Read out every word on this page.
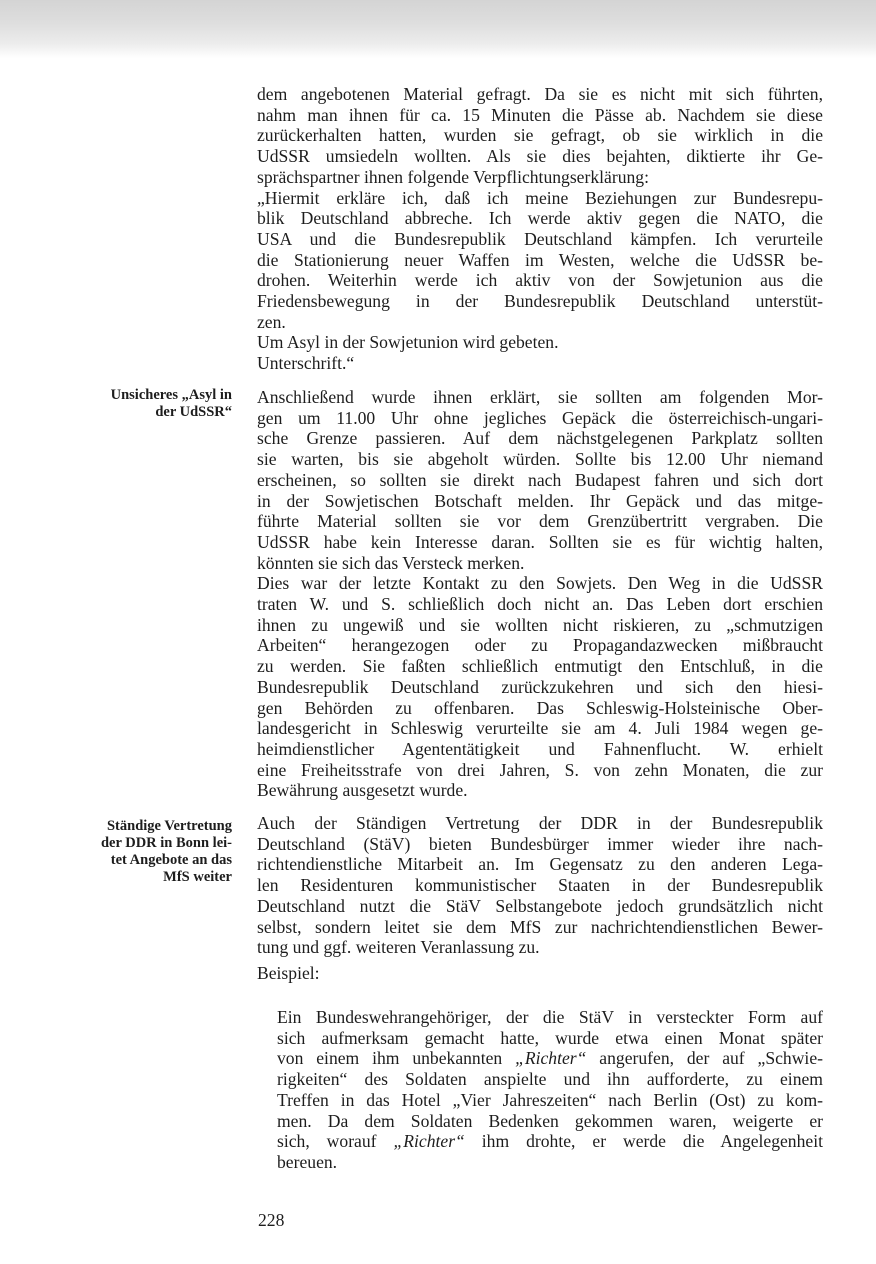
dem angebotenen Material gefragt. Da sie es nicht mit sich führten,
nahm man ihnen für ca. 15 Minuten die Pässe ab. Nachdem sie diese
zurückerhalten hatten, wurden sie gefragt, ob sie wirklich in die
UdSSR umsiedeln wollten. Als sie dies bejahten, diktierte ihr Ge-
sprächspartner ihnen folgende Verpflichtungserklärung:
„Hiermit erkläre ich, daß ich meine Beziehungen zur Bundesrepu-
blik Deutschland abbreche. Ich werde aktiv gegen die NATO, die
USA und die Bundesrepublik Deutschland kämpfen. Ich verurteile
die Stationierung neuer Waffen im Westen, welche die UdSSR be-
drohen. Weiterhin werde ich aktiv von der Sowjetunion aus die
Friedensbewegung in der Bundesrepublik Deutschland unterstüt-
zen.
Um Asyl in der Sowjetunion wird gebeten.
Unterschrift.“
Unsicheres „Asyl in
der UdSSR“
Anschließend wurde ihnen erklärt, sie sollten am folgenden Mor-
gen um 11.00 Uhr ohne jegliches Gepäck die österreichisch-ungari-
sche Grenze passieren. Auf dem nächstgelegenen Parkplatz sollten
sie warten, bis sie abgeholt würden. Sollte bis 12.00 Uhr niemand
erscheinen, so sollten sie direkt nach Budapest fahren und sich dort
in der Sowjetischen Botschaft melden. Ihr Gepäck und das mitge-
führte Material sollten sie vor dem Grenzübertritt vergraben. Die
UdSSR habe kein Interesse daran. Sollten sie es für wichtig halten,
könnten sie sich das Versteck merken.
Dies war der letzte Kontakt zu den Sowjets. Den Weg in die UdSSR
traten W. und S. schließlich doch nicht an. Das Leben dort erschien
ihnen zu ungewiß und sie wollten nicht riskieren, zu „schmutzigen
Arbeiten“ herangezogen oder zu Propagandazwecken mißbraucht
zu werden. Sie faßten schließlich entmutigt den Entschluß, in die
Bundesrepublik Deutschland zurückzukehren und sich den hiesi-
gen Behörden zu offenbaren. Das Schleswig-Holsteinische Ober-
landesgericht in Schleswig verurteilte sie am 4. Juli 1984 wegen ge-
heimdienstlicher Agententätigkeit und Fahnenflucht. W. erhielt
eine Freiheitsstrafe von drei Jahren, S. von zehn Monaten, die zur
Bewährung ausgesetzt wurde.
Ständige Vertretung
der DDR in Bonn lei-
tet Angebote an das
MfS weiter
Auch der Ständigen Vertretung der DDR in der Bundesrepublik
Deutschland (StäV) bieten Bundesbürger immer wieder ihre nach-
richtendienstliche Mitarbeit an. Im Gegensatz zu den anderen Lega-
len Residenturen kommunistischer Staaten in der Bundesrepublik
Deutschland nutzt die StäV Selbstangebote jedoch grundsätzlich nicht
selbst, sondern leitet sie dem MfS zur nachrichtendienstlichen Bewer-
tung und ggf. weiteren Veranlassung zu.
Beispiel:
Ein Bundeswehrangehöriger, der die StäV in versteckter Form auf
sich aufmerksam gemacht hatte, wurde etwa einen Monat später
von einem ihm unbekannten „Richter“ angerufen, der auf „Schwie-
rigkeiten“ des Soldaten anspielte und ihn aufforderte, zu einem
Treffen in das Hotel „Vier Jahreszeiten“ nach Berlin (Ost) zu kom-
men. Da dem Soldaten Bedenken gekommen waren, weigerte er
sich, worauf „Richter“ ihm drohte, er werde die Angelegenheit
bereuen.
228
